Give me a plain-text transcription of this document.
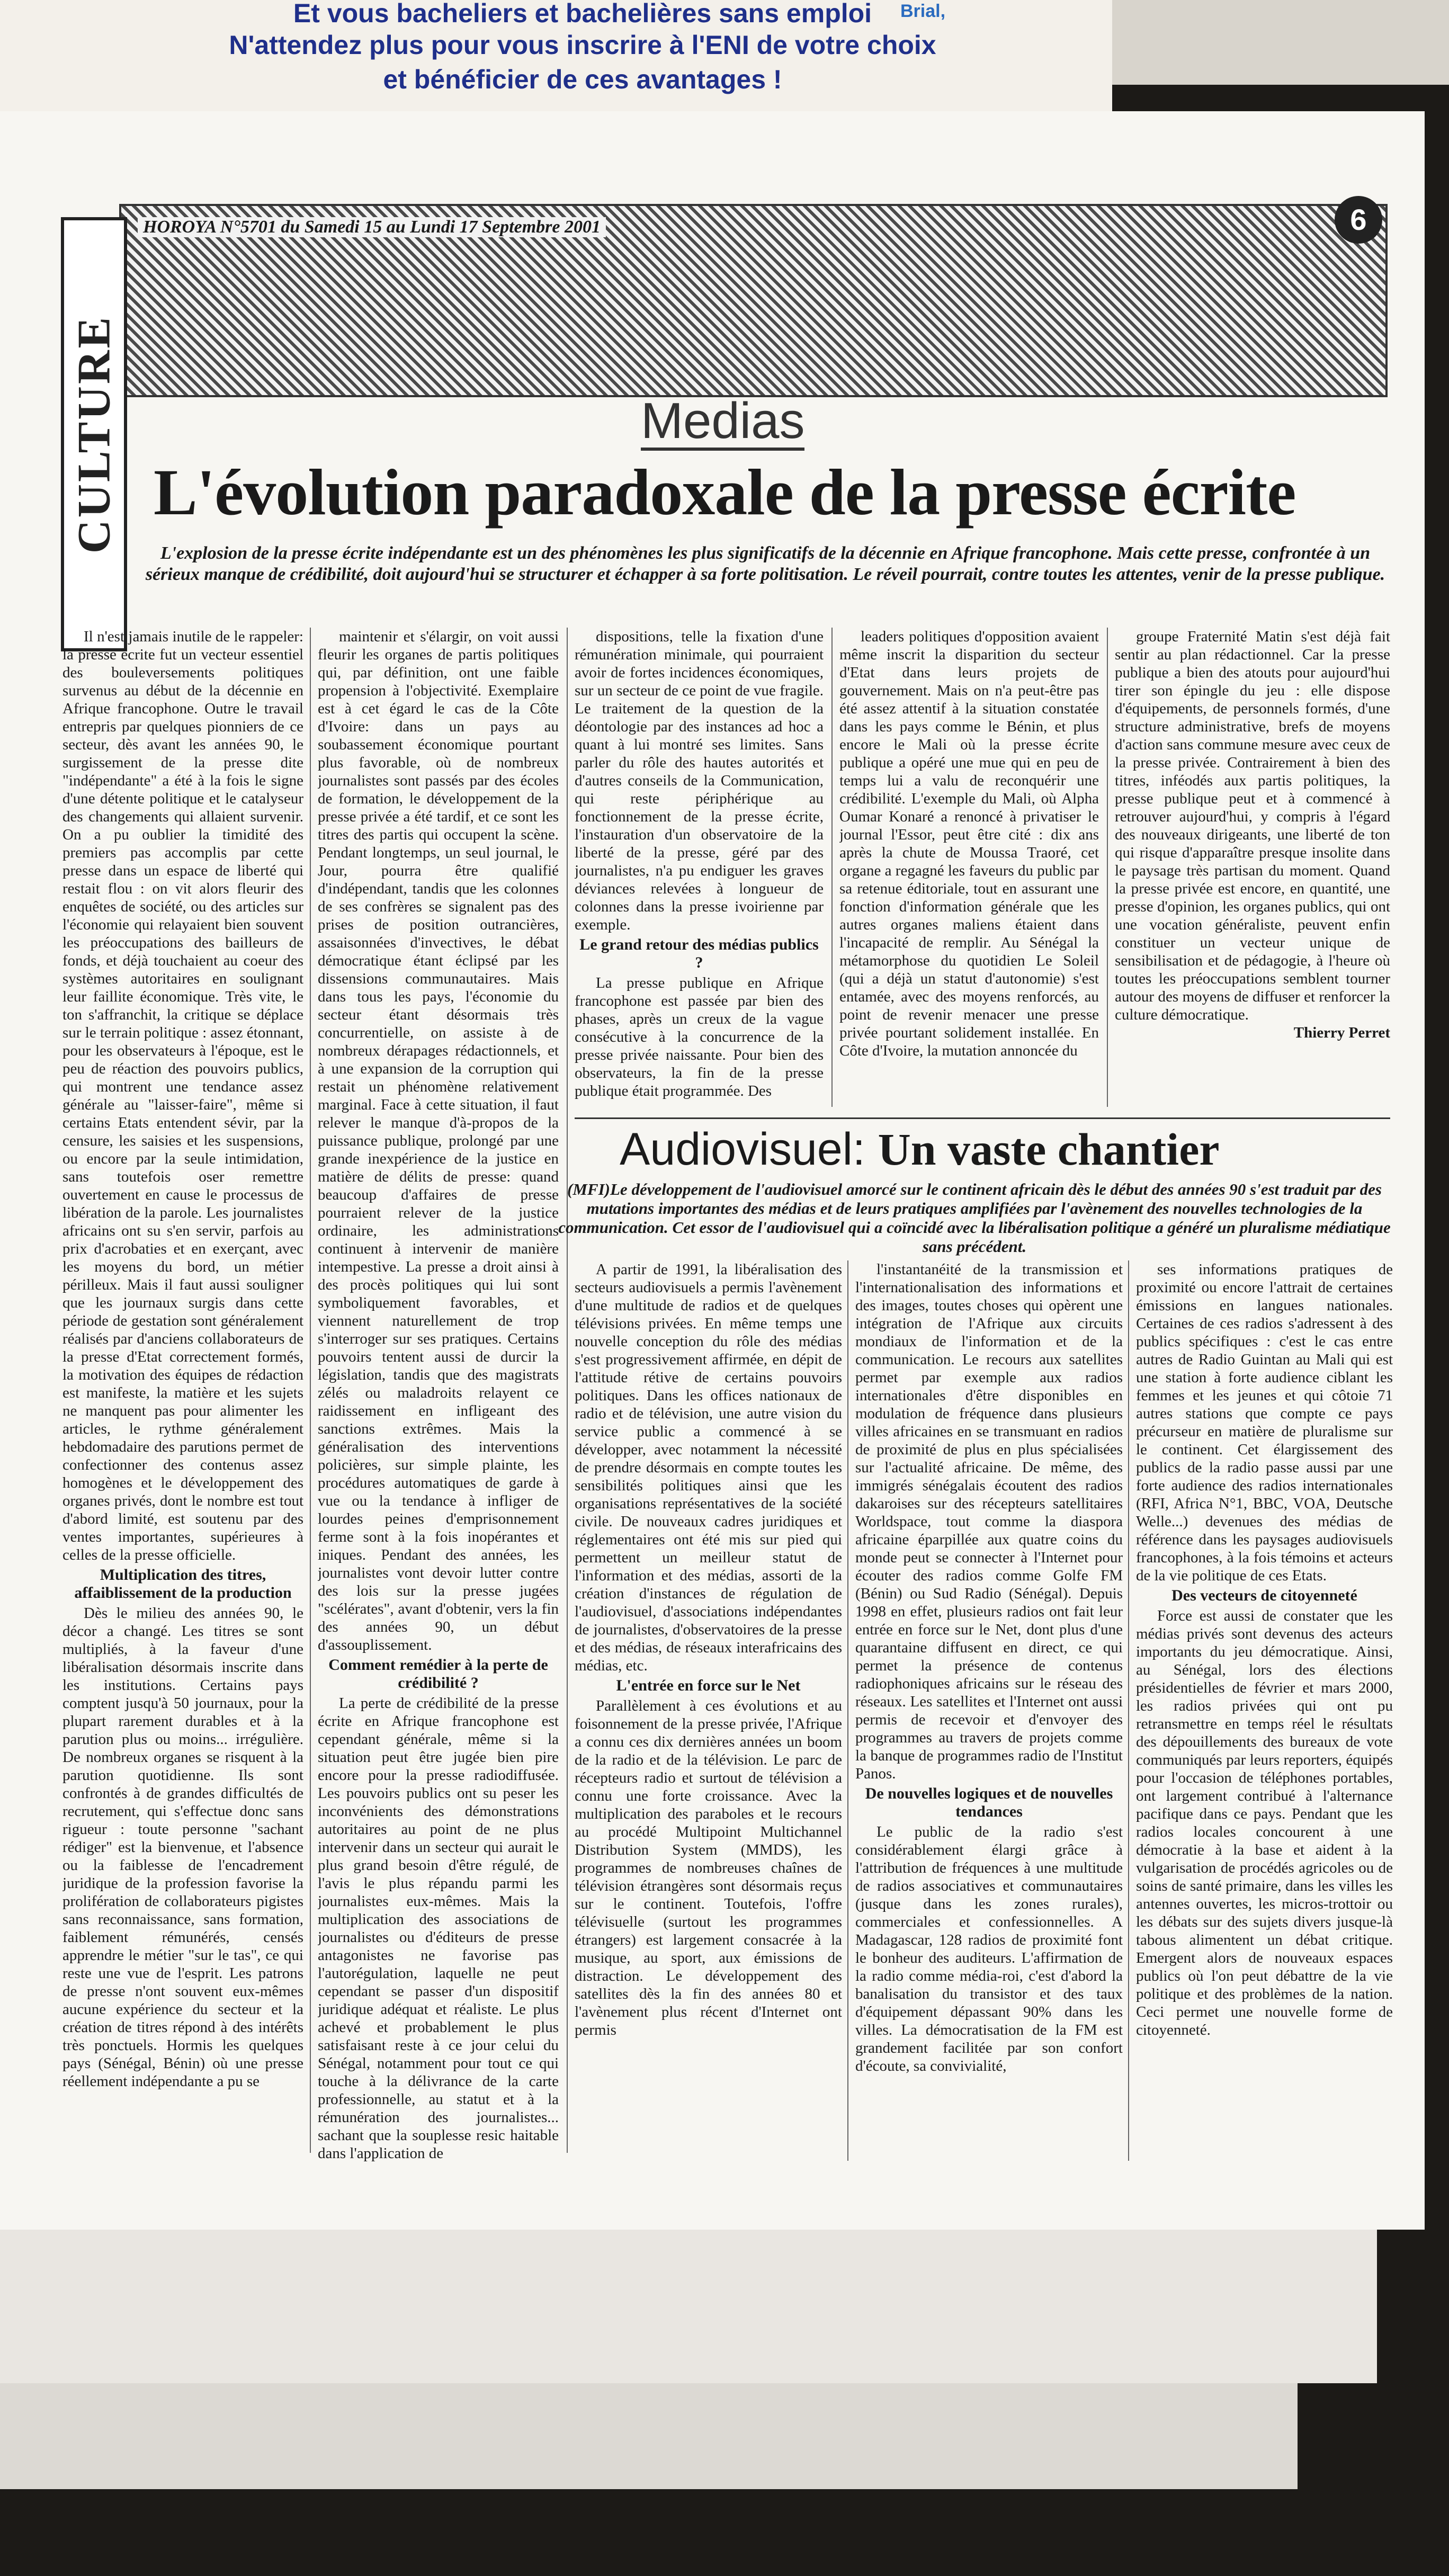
Et vous bacheliers et bachelières sans emploi
N'attendez plus pour vous inscrire à l'ENI de votre choix
et bénéficier de ces avantages !
Brial,
HOROYA N°5701 du Samedi 15 au Lundi 17 Septembre 2001	6
CULTURE	Medias
L'évolution paradoxale de la presse écrite
L'explosion de la presse écrite indépendante est un des phénomènes les plus significatifs de la décennie en Afrique francophone. Mais cette presse, confrontée à un sérieux manque de crédibilité, doit aujourd'hui se structurer et échapper à sa forte politisation. Le réveil pourrait, contre toutes les attentes, venir de la presse publique.

Il n'est jamais inutile de le rappeler: la presse écrite fut un vecteur essentiel des bouleversements politiques survenus au début de la décennie en Afrique francophone. Outre le travail entrepris par quelques pionniers de ce secteur, dès avant les années 90, le surgissement de la presse dite "indépendante" a été à la fois le signe d'une détente politique et le catalyseur des changements qui allaient survenir. On a pu oublier la timidité des premiers pas accomplis par cette presse dans un espace de liberté qui restait flou : on vit alors fleurir des enquêtes de société, ou des articles sur l'économie qui relayaient bien souvent les préoccupations des bailleurs de fonds, et déjà touchaient au coeur des systèmes autoritaires en soulignant leur faillite économique. Très vite, le ton s'affranchit, la critique se déplace sur le terrain politique : assez étonnant, pour les observateurs à l'époque, est le peu de réaction des pouvoirs publics, qui montrent une tendance assez générale au "laisser-faire", même si certains Etats entendent sévir, par la censure, les saisies et les suspensions, ou encore par la seule intimidation, sans toutefois oser remettre ouvertement en cause le processus de libération de la parole. Les journalistes africains ont su s'en servir, parfois au prix d'acrobaties et en exerçant, avec les moyens du bord, un métier périlleux. Mais il faut aussi souligner que les journaux surgis dans cette période de gestation sont généralement réalisés par d'anciens collaborateurs de la presse d'Etat correctement formés, la motivation des équipes de rédaction est manifeste, la matière et les sujets ne manquent pas pour alimenter les articles, le rythme généralement hebdomadaire des parutions permet de confectionner des contenus assez homogènes et le développement des organes privés, dont le nombre est tout d'abord limité, est soutenu par des ventes importantes, supérieures à celles de la presse officielle.

Multiplication des titres, affaiblissement de la production

Dès le milieu des années 90, le décor a changé. Les titres se sont multipliés, à la faveur d'une libéralisation désormais inscrite dans les institutions. Certains pays comptent jusqu'à 50 journaux, pour la plupart rarement durables et à la parution plus ou moins... irrégulière. De nombreux organes se risquent à la parution quotidienne. Ils sont confrontés à de grandes difficultés de recrutement, qui s'effectue donc sans rigueur : toute personne "sachant rédiger" est la bienvenue, et l'absence ou la faiblesse de l'encadrement juridique de la profession favorise la prolifération de collaborateurs pigistes sans reconnaissance, sans formation, faiblement rémunérés, censés apprendre le métier "sur le tas", ce qui reste une vue de l'esprit. Les patrons de presse n'ont souvent eux-mêmes aucune expérience du secteur et la création de titres répond à des intérêts très ponctuels. Hormis les quelques pays (Sénégal, Bénin) où une presse réellement indépendante a pu se

maintenir et s'élargir, on voit aussi fleurir les organes de partis politiques qui, par définition, ont une faible propension à l'objectivité. Exemplaire est à cet égard le cas de la Côte d'Ivoire: dans un pays au soubassement économique pourtant plus favorable, où de nombreux journalistes sont passés par des écoles de formation, le développement de la presse privée a été tardif, et ce sont les titres des partis qui occupent la scène. Pendant longtemps, un seul journal, le Jour, pourra être qualifié d'indépendant, tandis que les colonnes de ses confrères se signalent pas des prises de position outrancières, assaisonnées d'invectives, le débat démocratique étant éclipsé par les dissensions communautaires. Mais dans tous les pays, l'économie du secteur étant désormais très concurrentielle, on assiste à de nombreux dérapages rédactionnels, et à une expansion de la corruption qui restait un phénomène relativement marginal. Face à cette situation, il faut relever le manque d'à-propos de la puissance publique, prolongé par une grande inexpérience de la justice en matière de délits de presse: quand beaucoup d'affaires de presse pourraient relever de la justice ordinaire, les administrations continuent à intervenir de manière intempestive. La presse a droit ainsi à des procès politiques qui lui sont symboliquement favorables, et viennent naturellement de trop s'interroger sur ses pratiques. Certains pouvoirs tentent aussi de durcir la législation, tandis que des magistrats zélés ou maladroits relayent ce raidissement en infligeant des sanctions extrêmes. Mais la généralisation des interventions policières, sur simple plainte, les procédures automatiques de garde à vue ou la tendance à infliger de lourdes peines d'emprisonnement ferme sont à la fois inopérantes et iniques. Pendant des années, les journalistes vont devoir lutter contre des lois sur la presse jugées "scélérates", avant d'obtenir, vers la fin des années 90, un début d'assouplissement.

Comment remédier à la perte de crédibilité ?

La perte de crédibilité de la presse écrite en Afrique francophone est cependant générale, même si la situation peut être jugée bien pire encore pour la presse radiodiffusée. Les pouvoirs publics ont su peser les inconvénients des démonstrations autoritaires au point de ne plus intervenir dans un secteur qui aurait le plus grand besoin d'être régulé, de l'avis le plus répandu parmi les journalistes eux-mêmes. Mais la multiplication des associations de journalistes ou d'éditeurs de presse antagonistes ne favorise pas l'autorégulation, laquelle ne peut cependant se passer d'un dispositif juridique adéquat et réaliste. Le plus achevé et probablement le plus satisfaisant reste à ce jour celui du Sénégal, notamment pour tout ce qui touche à la délivrance de la carte professionnelle, au statut et à la rémunération des journalistes... sachant que la souplesse resic haitable dans l'application de

dispositions, telle la fixation d'une rémunération minimale, qui pourraient avoir de fortes incidences économiques, sur un secteur de ce point de vue fragile. Le traitement de la question de la déontologie par des instances ad hoc a quant à lui montré ses limites. Sans parler du rôle des hautes autorités et d'autres conseils de la Communication, qui reste périphérique au fonctionnement de la presse écrite, l'instauration d'un observatoire de la liberté de la presse, géré par des journalistes, n'a pu endiguer les graves déviances relevées à longueur de colonnes dans la presse ivoirienne par exemple.

Le grand retour des médias publics ?

La presse publique en Afrique francophone est passée par bien des phases, après un creux de la vague consécutive à la concurrence de la presse privée naissante. Pour bien des observateurs, la fin de la presse publique était programmée. Des

leaders politiques d'opposition avaient même inscrit la disparition du secteur d'Etat dans leurs projets de gouvernement. Mais on n'a peut-être pas été assez attentif à la situation constatée dans les pays comme le Bénin, et plus encore le Mali où la presse écrite publique a opéré une mue qui en peu de temps lui a valu de reconquérir une crédibilité. L'exemple du Mali, où Alpha Oumar Konaré a renoncé à privatiser le journal l'Essor, peut être cité : dix ans après la chute de Moussa Traoré, cet organe a regagné les faveurs du public par sa retenue éditoriale, tout en assurant une fonction d'information générale que les autres organes maliens étaient dans l'incapacité de remplir. Au Sénégal la métamorphose du quotidien Le Soleil (qui a déjà un statut d'autonomie) s'est entamée, avec des moyens renforcés, au point de revenir menacer une presse privée pourtant solidement installée. En Côte d'Ivoire, la mutation annoncée du

groupe Fraternité Matin s'est déjà fait sentir au plan rédactionnel. Car la presse publique a bien des atouts pour aujourd'hui tirer son épingle du jeu : elle dispose d'équipements, de personnels formés, d'une structure administrative, brefs de moyens d'action sans commune mesure avec ceux de la presse privée. Contrairement à bien des titres, inféodés aux partis politiques, la presse publique peut et à commencé à retrouver aujourd'hui, y compris à l'égard des nouveaux dirigeants, une liberté de ton qui risque d'apparaître presque insolite dans le paysage très partisan du moment. Quand la presse privée est encore, en quantité, une presse d'opinion, les organes publics, qui ont une vocation généraliste, peuvent enfin constituer un vecteur unique de sensibilisation et de pédagogie, à l'heure où toutes les préoccupations semblent tourner autour des moyens de diffuser et renforcer la culture démocratique.

Thierry Perret

Audiovisuel: Un vaste chantier
(MFI)Le développement de l'audiovisuel amorcé sur le continent africain dès le début des années 90 s'est traduit par des mutations importantes des médias et de leurs pratiques amplifiées par l'avènement des nouvelles technologies de la communication. Cet essor de l'audiovisuel qui a coïncidé avec la libéralisation politique a généré un pluralisme médiatique sans précédent.

A partir de 1991, la libéralisation des secteurs audiovisuels a permis l'avènement d'une multitude de radios et de quelques télévisions privées. En même temps une nouvelle conception du rôle des médias s'est progressivement affirmée, en dépit de l'attitude rétive de certains pouvoirs politiques. Dans les offices nationaux de radio et de télévision, une autre vision du service public a commencé à se développer, avec notamment la nécessité de prendre désormais en compte toutes les sensibilités politiques ainsi que les organisations représentatives de la société civile. De nouveaux cadres juridiques et réglementaires ont été mis sur pied qui permettent un meilleur statut de l'information et des médias, assorti de la création d'instances de régulation de l'audiovisuel, d'associations indépendantes de journalistes, d'observatoires de la presse et des médias, de réseaux interafricains des médias, etc.

L'entrée en force sur le Net

Parallèlement à ces évolutions et au foisonnement de la presse privée, l'Afrique a connu ces dix dernières années un boom de la radio et de la télévision. Le parc de récepteurs radio et surtout de télévision a connu une forte croissance. Avec la multiplication des paraboles et le recours au procédé Multipoint Multichannel Distribution System (MMDS), les programmes de nombreuses chaînes de télévision étrangères sont désormais reçus sur le continent. Toutefois, l'offre télévisuelle (surtout les programmes étrangers) est largement consacrée à la musique, au sport, aux émissions de distraction. Le développement des satellites dès la fin des années 80 et l'avènement plus récent d'Internet ont permis

l'instantanéité de la transmission et l'internationalisation des informations et des images, toutes choses qui opèrent une intégration de l'Afrique aux circuits mondiaux de l'information et de la communication. Le recours aux satellites permet par exemple aux radios internationales d'être disponibles en modulation de fréquence dans plusieurs villes africaines en se transmuant en radios de proximité de plus en plus spécialisées sur l'actualité africaine. De même, des immigrés sénégalais écoutent des radios dakaroises sur des récepteurs satellitaires Worldspace, tout comme la diaspora africaine éparpillée aux quatre coins du monde peut se connecter à l'Internet pour écouter des radios comme Golfe FM (Bénin) ou Sud Radio (Sénégal). Depuis 1998 en effet, plusieurs radios ont fait leur entrée en force sur le Net, dont plus d'une quarantaine diffusent en direct, ce qui permet la présence de contenus radiophoniques africains sur le réseau des réseaux. Les satellites et l'Internet ont aussi permis de recevoir et d'envoyer des programmes au travers de projets comme la banque de programmes radio de l'Institut Panos.

De nouvelles logiques et de nouvelles tendances

Le public de la radio s'est considérablement élargi grâce à l'attribution de fréquences à une multitude de radios associatives et communautaires (jusque dans les zones rurales), commerciales et confessionnelles. A Madagascar, 128 radios de proximité font le bonheur des auditeurs. L'affirmation de la radio comme média-roi, c'est d'abord la banalisation du transistor et des taux d'équipement dépassant 90% dans les villes. La démocratisation de la FM est grandement facilitée par son confort d'écoute, sa convivialité,

ses informations pratiques de proximité ou encore l'attrait de certaines émissions en langues nationales. Certaines de ces radios s'adressent à des publics spécifiques : c'est le cas entre autres de Radio Guintan au Mali qui est une station à forte audience ciblant les femmes et les jeunes et qui côtoie 71 autres stations que compte ce pays précurseur en matière de pluralisme sur le continent. Cet élargissement des publics de la radio passe aussi par une forte audience des radios internationales (RFI, Africa N°1, BBC, VOA, Deutsche Welle...) devenues des médias de référence dans les paysages audiovisuels francophones, à la fois témoins et acteurs de la vie politique de ces Etats.

Des vecteurs de citoyenneté

Force est aussi de constater que les médias privés sont devenus des acteurs importants du jeu démocratique. Ainsi, au Sénégal, lors des élections présidentielles de février et mars 2000, les radios privées qui ont pu retransmettre en temps réel le résultats des dépouillements des bureaux de vote communiqués par leurs reporters, équipés pour l'occasion de téléphones portables, ont largement contribué à l'alternance pacifique dans ce pays. Pendant que les radios locales concourent à une démocratie à la base et aident à la vulgarisation de procédés agricoles ou de soins de santé primaire, dans les villes les antennes ouvertes, les micros-trottoir ou les débats sur des sujets divers jusque-là tabous alimentent un débat critique. Emergent alors de nouveaux espaces publics où l'on peut débattre de la vie politique et des problèmes de la nation. Ceci permet une nouvelle forme de citoyenneté.
